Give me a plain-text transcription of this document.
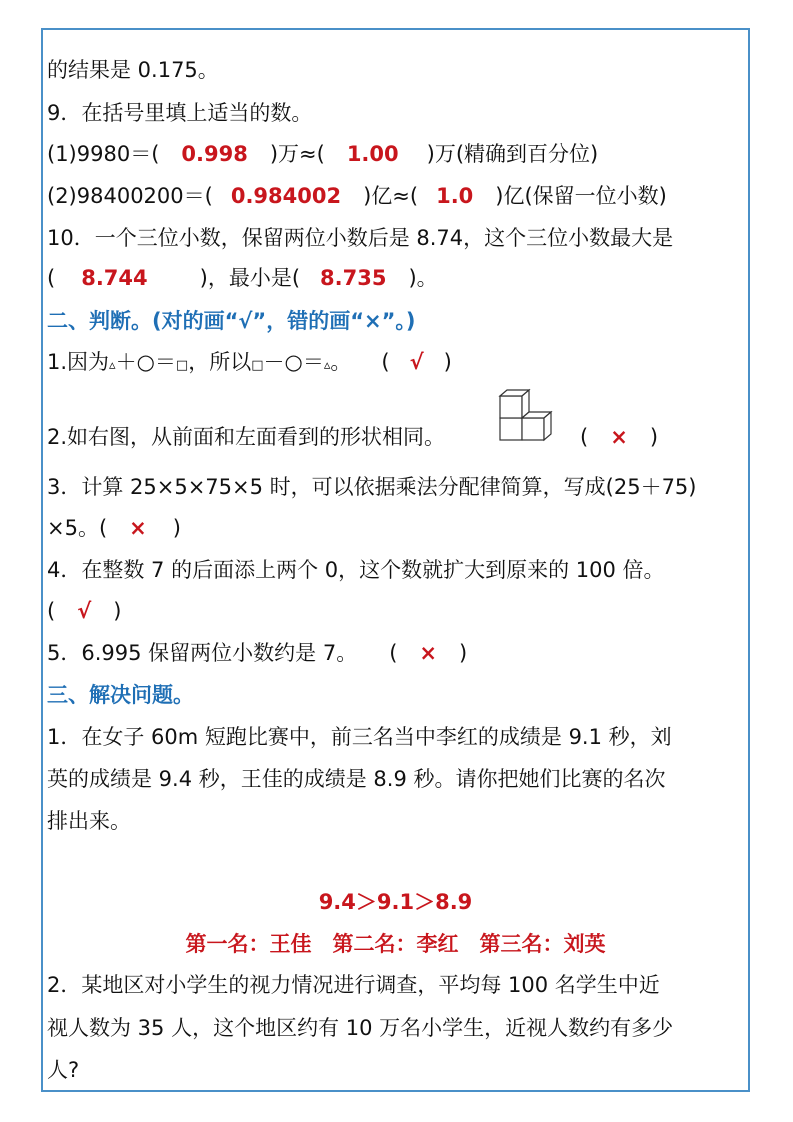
的结果是 0.175。
9．在括号里填上适当的数。
(1)9980＝( 0.998 )万≈( 1.00 )万(精确到百分位)
(2)98400200＝( 0.984002 )亿≈( 1.0 )亿(保留一位小数)
10．一个三位小数，保留两位小数后是 8.74，这个三位小数最大是
( 8.744 )，最小是( 8.735 )。
二、判断。(对的画“√”，错的画“×”。)
1.因为▵＋○＝□，所以□－○＝▵。 ( √ )
2.如右图，从前面和左面看到的形状相同。	( × )
3．计算 25×5×75×5 时，可以依据乘法分配律简算，写成(25＋75)
×5。( × )
4．在整数 7 的后面添上两个 0，这个数就扩大到原来的 100 倍。
( √ )
5．6.995 保留两位小数约是 7。 ( × )
三、解决问题。
1．在女子 60m 短跑比赛中，前三名当中李红的成绩是 9.1 秒，刘
英的成绩是 9.4 秒，王佳的成绩是 8.9 秒。请你把她们比赛的名次
排出来。
9.4＞9.1＞8.9
第一名：王佳　第二名：李红　第三名：刘英
2．某地区对小学生的视力情况进行调查，平均每 100 名学生中近
视人数为 35 人，这个地区约有 10 万名小学生，近视人数约有多少
人?
